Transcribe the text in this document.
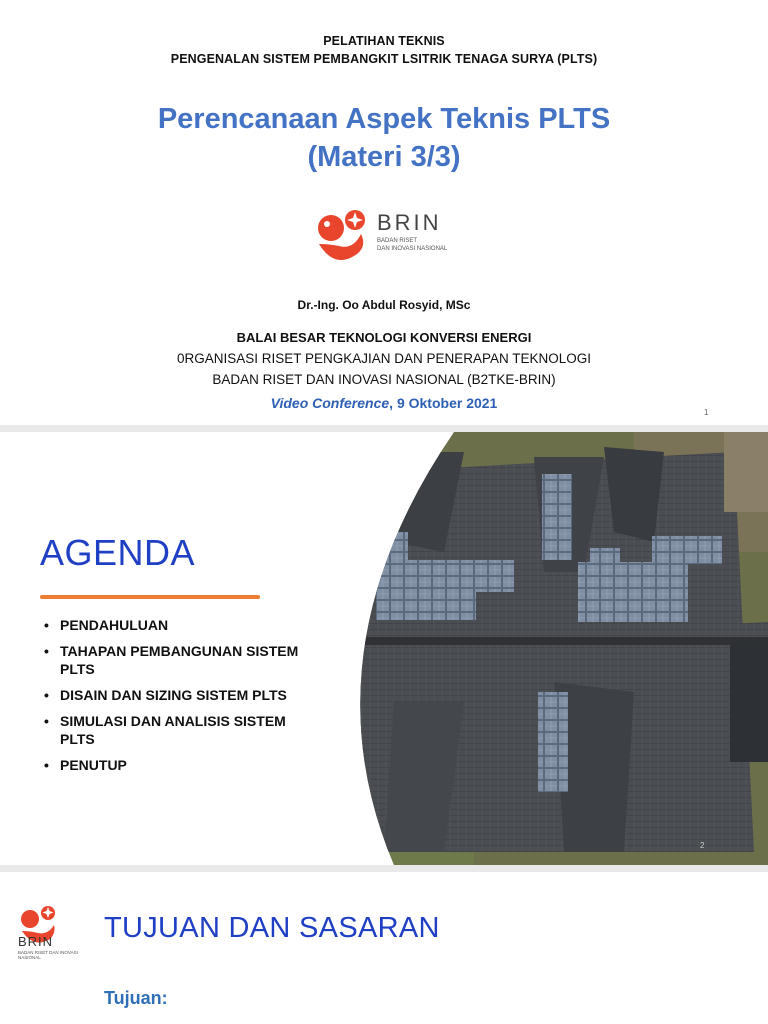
PELATIHAN TEKNIS
PENGENALAN SISTEM PEMBANGKIT LSITRIK TENAGA SURYA (PLTS)
Perencanaan Aspek Teknis PLTS
(Materi 3/3)
BRIN
BADAN RISET
DAN INOVASI NASIONAL
Dr.-Ing. Oo Abdul Rosyid, MSc
BALAI BESAR TEKNOLOGI KONVERSI ENERGI
0RGANISASI RISET PENGKAJIAN DAN PENERAPAN TEKNOLOGI
BADAN RISET DAN INOVASI NASIONAL (B2TKE-BRIN)
Video Conference, 9 Oktober 2021
1
AGENDA
• PENDAHULUAN
• TAHAPAN PEMBANGUNAN SISTEM PLTS
• DISAIN DAN SIZING SISTEM PLTS
• SIMULASI DAN ANALISIS SISTEM PLTS
• PENUTUP
2
BRIN
BADAN RISET DAN INOVASI NASIONAL
TUJUAN DAN SASARAN
Tujuan:
